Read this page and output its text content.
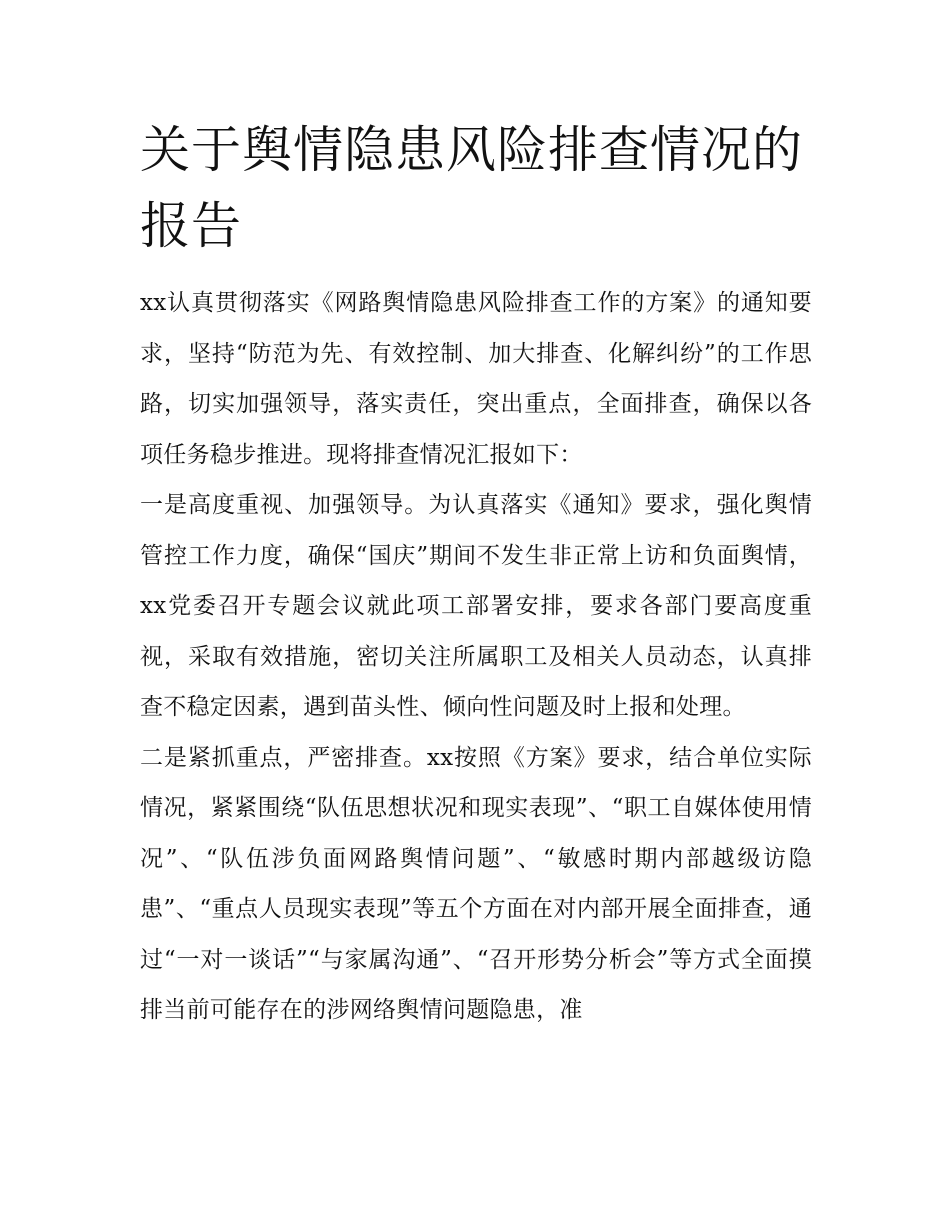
关于舆情隐患风险排查情况的报告

xx认真贯彻落实《网路舆情隐患风险排查工作的方案》的通知要求，坚持“防范为先、有效控制、加大排查、化解纠纷”的工作思路，切实加强领导，落实责任，突出重点，全面排查，确保以各项任务稳步推进。现将排查情况汇报如下：

一是高度重视、加强领导。为认真落实《通知》要求，强化舆情管控工作力度，确保“国庆”期间不发生非正常上访和负面舆情，xx党委召开专题会议就此项工部署安排，要求各部门要高度重视，采取有效措施，密切关注所属职工及相关人员动态，认真排查不稳定因素，遇到苗头性、倾向性问题及时上报和处理。

二是紧抓重点，严密排查。xx按照《方案》要求，结合单位实际情况，紧紧围绕“队伍思想状况和现实表现”、“职工自媒体使用情况”、“队伍涉负面网路舆情问题”、“敏感时期内部越级访隐患”、“重点人员现实表现”等五个方面在对内部开展全面排查，通过“一对一谈话”“与家属沟通”、“召开形势分析会”等方式全面摸排当前可能存在的涉网络舆情问题隐患，准
